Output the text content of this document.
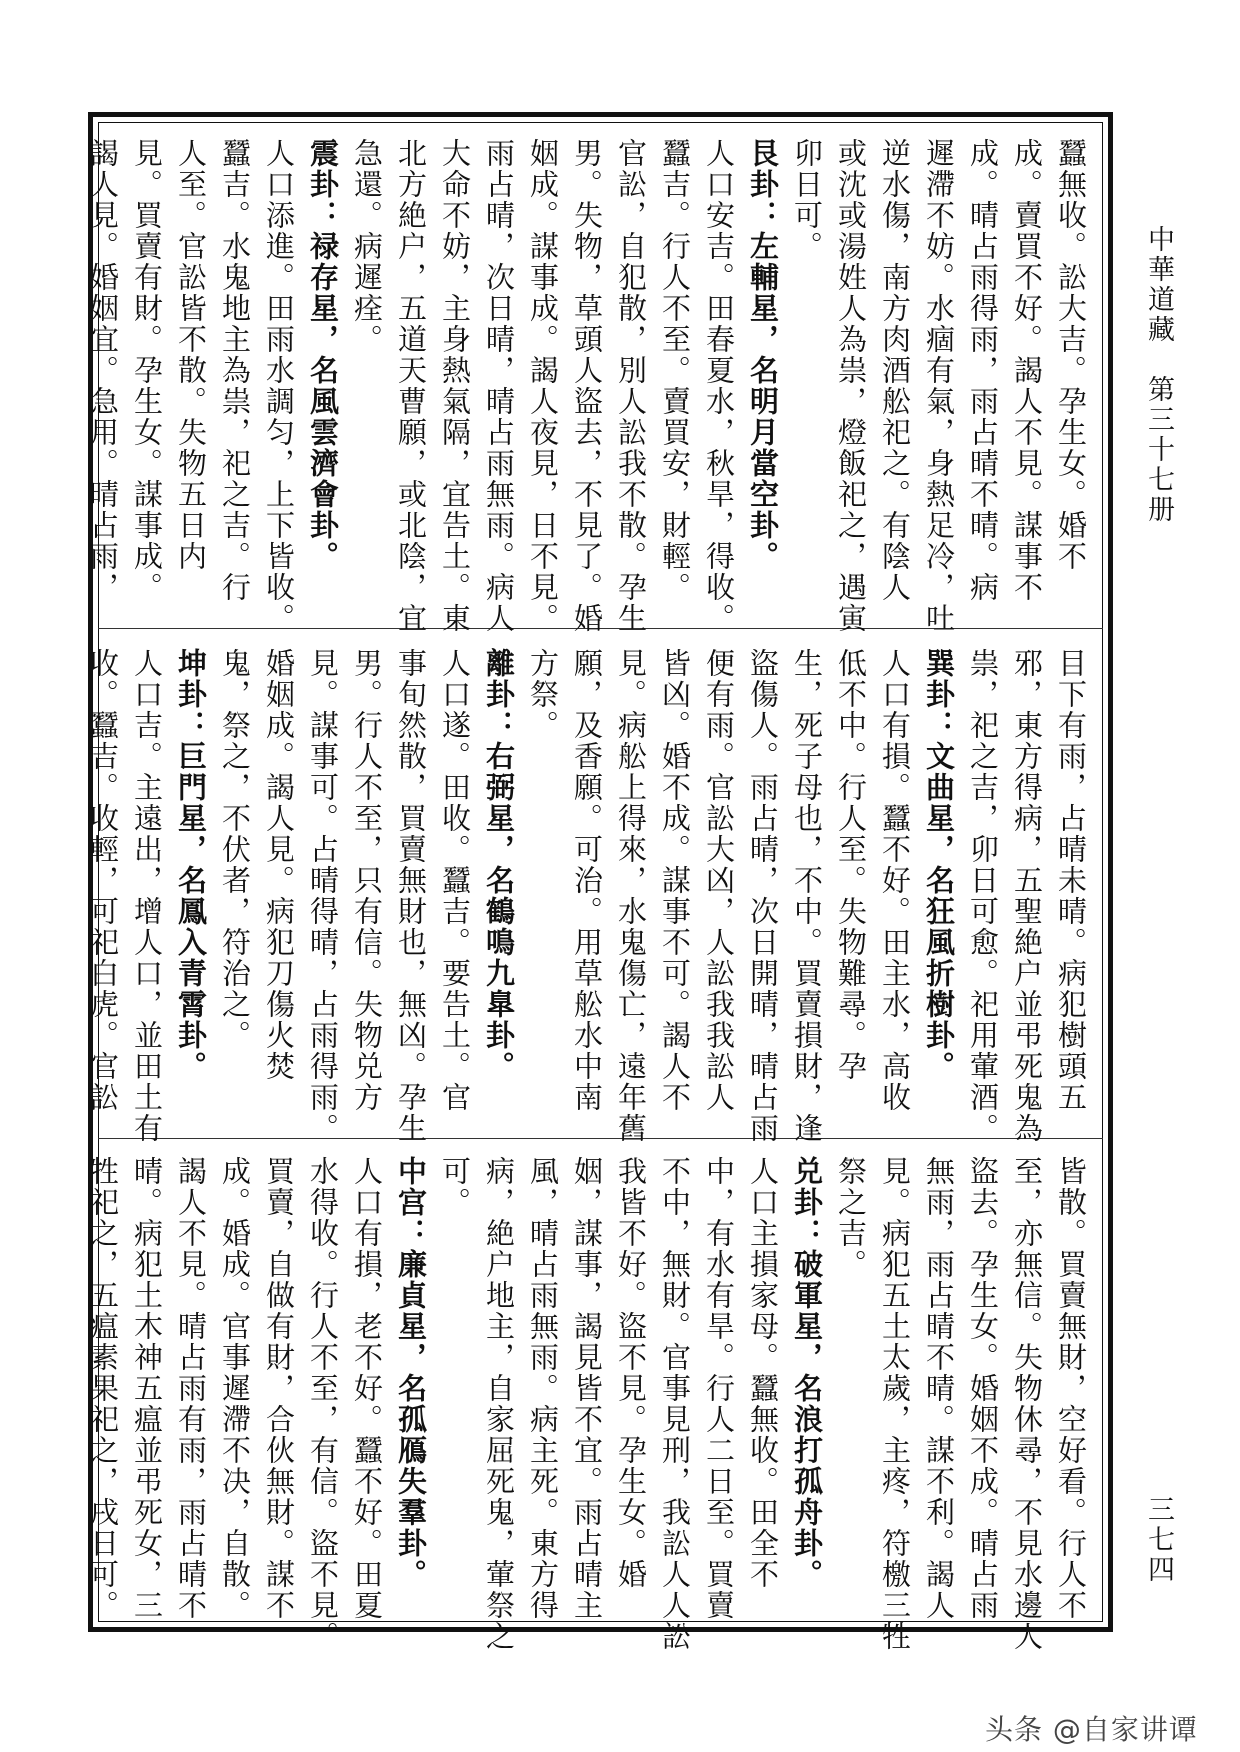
中華道藏　第三十七册
三七四
蠶無收。訟大吉。孕生女。婚不
成。賣買不好。謁人不見。謀事不
成。晴占雨得雨，雨占晴不晴。病
遲滯不妨。水痼有氣，身熱足冷，吐
逆水傷，南方肉酒舩祀之。有陰人
或沈或湯姓人為祟，燈飯祀之，遇寅
卯日可。
艮卦：左輔星，名明月當空卦。
人口安吉。田春夏水，秋旱，得收。
蠶吉。行人不至。賣買安，財輕。
官訟，自犯散，別人訟我不散。孕生
男。失物，草頭人盜去，不見了。婚
姻成。謀事成。謁人夜見，日不見。
雨占晴，次日晴，晴占雨無雨。病人
大命不妨，主身熱氣隔，宜告土。東
北方絶户，五道天曹願，或北陰，宜
急還。病遲痊。
震卦：禄存星，名風雲濟會卦。
人口添進。田雨水調匀，上下皆收。
蠶吉。水鬼地主為祟，祀之吉。行
人至。官訟皆不散。失物五日内
見。買賣有財。孕生女。謀事成。
謁人見。婚姻宜。急用。晴占雨，
目下有雨，占晴未晴。病犯樹頭五
邪，東方得病，五聖絶户並弔死鬼為
祟，祀之吉，卯日可愈。祀用葷酒。
巽卦：文曲星，名狂風折樹卦。
人口有損。蠶不好。田主水，高收
低不中。行人至。失物難尋。孕
生，死子母也，不中。買賣損財，逢
盜傷人。雨占晴，次日開晴，晴占雨
便有雨。官訟大凶，人訟我我訟人
皆凶。婚不成。謀事不可。謁人不
見。病舩上得來，水鬼傷亡，遠年舊
願，及香願。可治。用草舩水中南
方祭。
離卦：右弼星，名鶴鳴九臯卦。
人口遂。田收。蠶吉。要告土。官
事旬然散，買賣無財也，無凶。孕生
男。行人不至，只有信。失物兑方
見。謀事可。占晴得晴，占雨得雨。
婚姻成。謁人見。病犯刀傷火焚
鬼，祭之，不伏者，符治之。
坤卦：巨門星，名鳳入青霄卦。
人口吉。主遠出，增人口，並田土有
收。蠶吉。收輕，可祀白虎。官訟
皆散。買賣無財，空好看。行人不
至，亦無信。失物休尋，不見水邊人
盜去。孕生女。婚姻不成。晴占雨
無雨，雨占晴不晴。謀不利。謁人
見。病犯五土太歲，主疼，符檄三牲
祭之吉。
兑卦：破軍星，名浪打孤舟卦。
人口主損家母。蠶無收。田全不
中，有水有旱。行人二日至。買賣
不中，無財。官事見刑，我訟人人訟
我皆不好。盜不見。孕生女。婚
姻，謀事，謁見皆不宜。雨占晴主
風，晴占雨無雨。病主死。東方得
病，絶户地主，自家屈死鬼，葷祭之
可。
中宫：廉貞星，名孤鴈失羣卦。
人口有損，老不好。蠶不好。田夏
水得收。行人不至，有信。盜不見。
買賣，自做有財，合伙無財。謀不
成。婚成。官事遲滯不决，自散。
謁人不見。晴占雨有雨，雨占晴不
晴。病犯土木神五瘟並弔死女，三
牲祀之，五瘟素果祀之，戌日可。
头条 @自家讲谭
